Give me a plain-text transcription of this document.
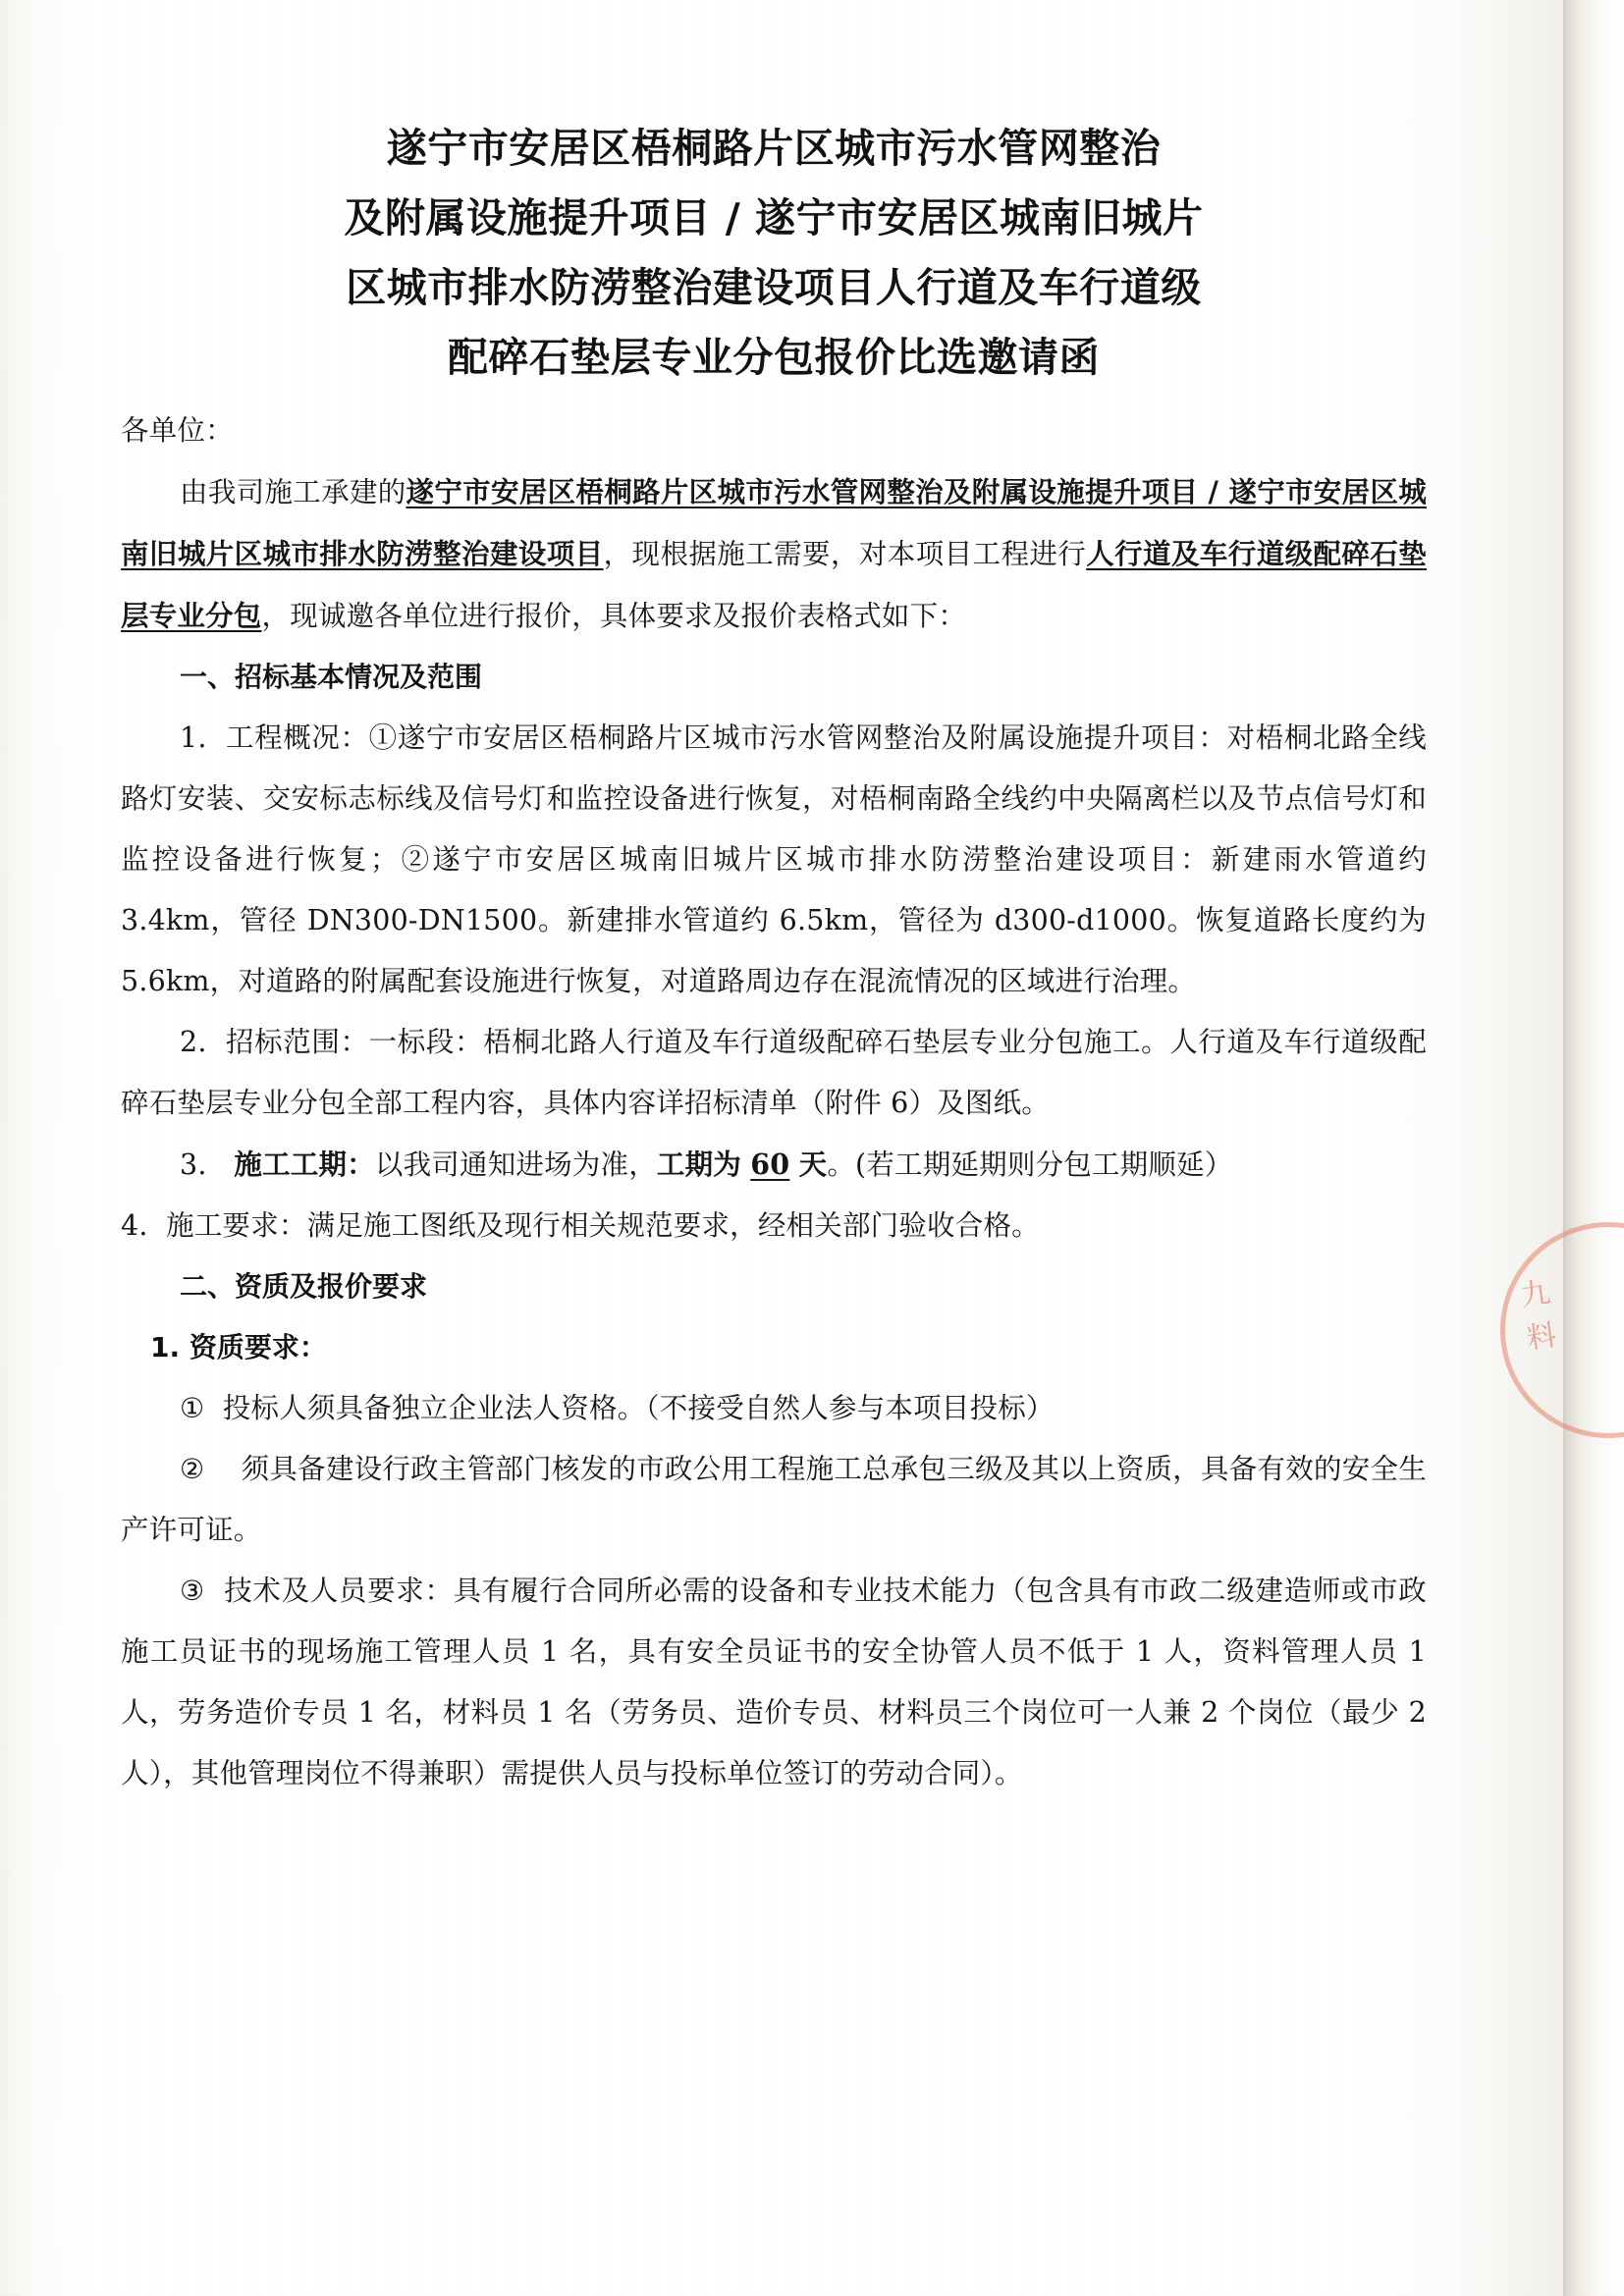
遂宁市安居区梧桐路片区城市污水管网整治
及附属设施提升项目 / 遂宁市安居区城南旧城片
区城市排水防涝整治建设项目人行道及车行道级
配碎石垫层专业分包报价比选邀请函

各单位：

由我司施工承建的遂宁市安居区梧桐路片区城市污水管网整治及附属设施提升项目 / 遂宁市安居区城南旧城片区城市排水防涝整治建设项目，现根据施工需要，对本项目工程进行人行道及车行道级配碎石垫层专业分包，现诚邀各单位进行报价，具体要求及报价表格式如下：

一、招标基本情况及范围

1. 工程概况：①遂宁市安居区梧桐路片区城市污水管网整治及附属设施提升项目：对梧桐北路全线路灯安装、交安标志标线及信号灯和监控设备进行恢复，对梧桐南路全线约中央隔离栏以及节点信号灯和监控设备进行恢复；②遂宁市安居区城南旧城片区城市排水防涝整治建设项目：新建雨水管道约 3.4km，管径 DN300-DN1500。新建排水管道约 6.5km，管径为 d300-d1000。恢复道路长度约为 5.6km，对道路的附属配套设施进行恢复，对道路周边存在混流情况的区域进行治理。

2. 招标范围：一标段：梧桐北路人行道及车行道级配碎石垫层专业分包施工。人行道及车行道级配碎石垫层专业分包全部工程内容，具体内容详招标清单（附件 6）及图纸。

3. 施工工期：以我司通知进场为准，工期为 60 天。(若工期延期则分包工期顺延）

4. 施工要求：满足施工图纸及现行相关规范要求，经相关部门验收合格。

二、资质及报价要求

1. 资质要求：

① 投标人须具备独立企业法人资格。（不接受自然人参与本项目投标）

② 须具备建设行政主管部门核发的市政公用工程施工总承包三级及其以上资质，具备有效的安全生产许可证。

③ 技术及人员要求：具有履行合同所必需的设备和专业技术能力（包含具有市政二级建造师或市政施工员证书的现场施工管理人员 1 名，具有安全员证书的安全协管人员不低于 1 人，资料管理人员 1 人，劳务造价专员 1 名，材料员 1 名（劳务员、造价专员、材料员三个岗位可一人兼 2 个岗位（最少 2 人），其他管理岗位不得兼职）需提供人员与投标单位签订的劳动合同）。

九料
